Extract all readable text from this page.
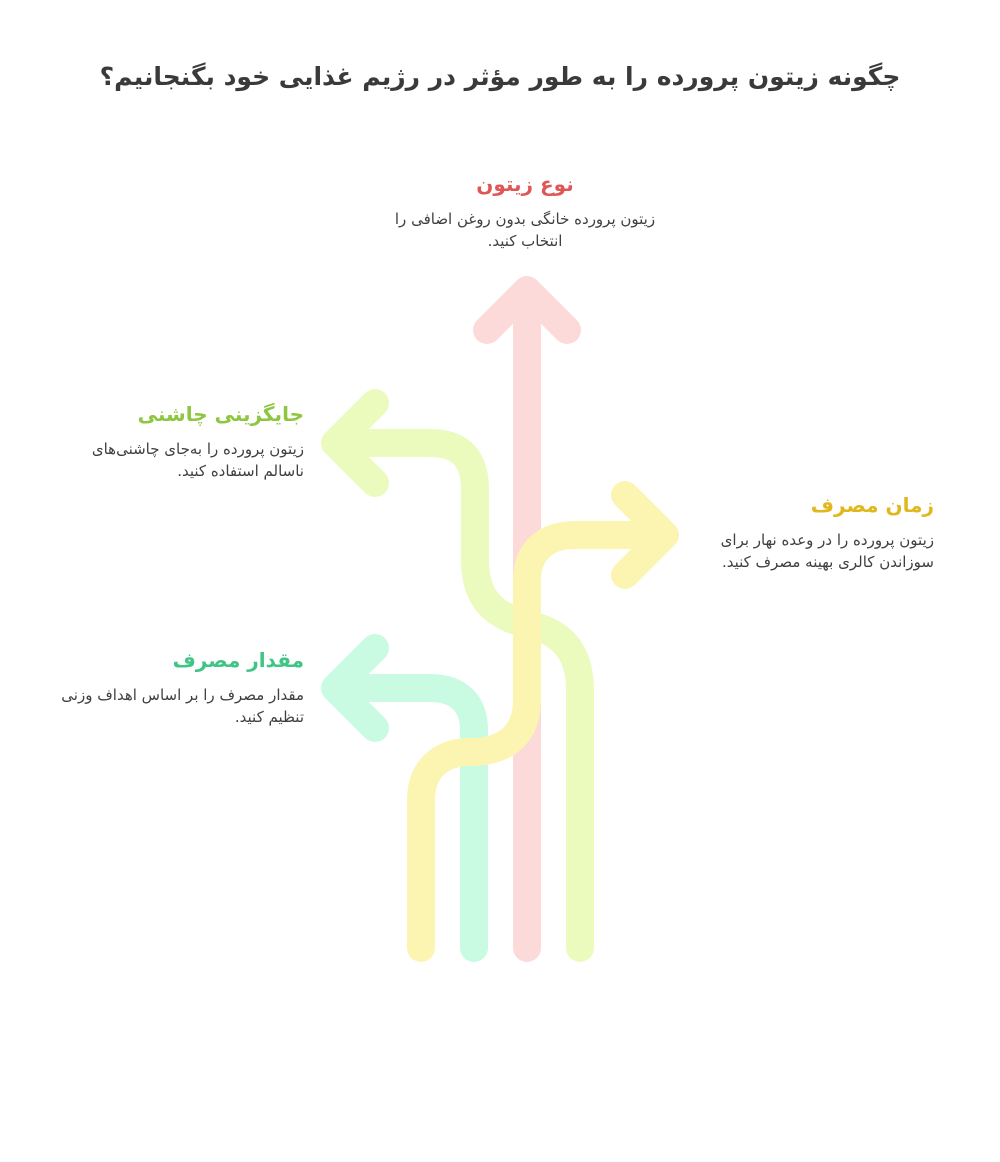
چگونه زیتون پرورده را به طور مؤثر در رژیم غذایی خود بگنجانیم؟

نوع زیتون

زیتون پرورده خانگی بدون روغن اضافی را انتخاب کنید.

جایگزینی چاشنی

زیتون پرورده را به‌جای چاشنی‌های ناسالم استفاده کنید.

زمان مصرف

زیتون پرورده را در وعده نهار برای سوزاندن کالری بهینه مصرف کنید.

مقدار مصرف

مقدار مصرف را بر اساس اهداف وزنی تنظیم کنید.
